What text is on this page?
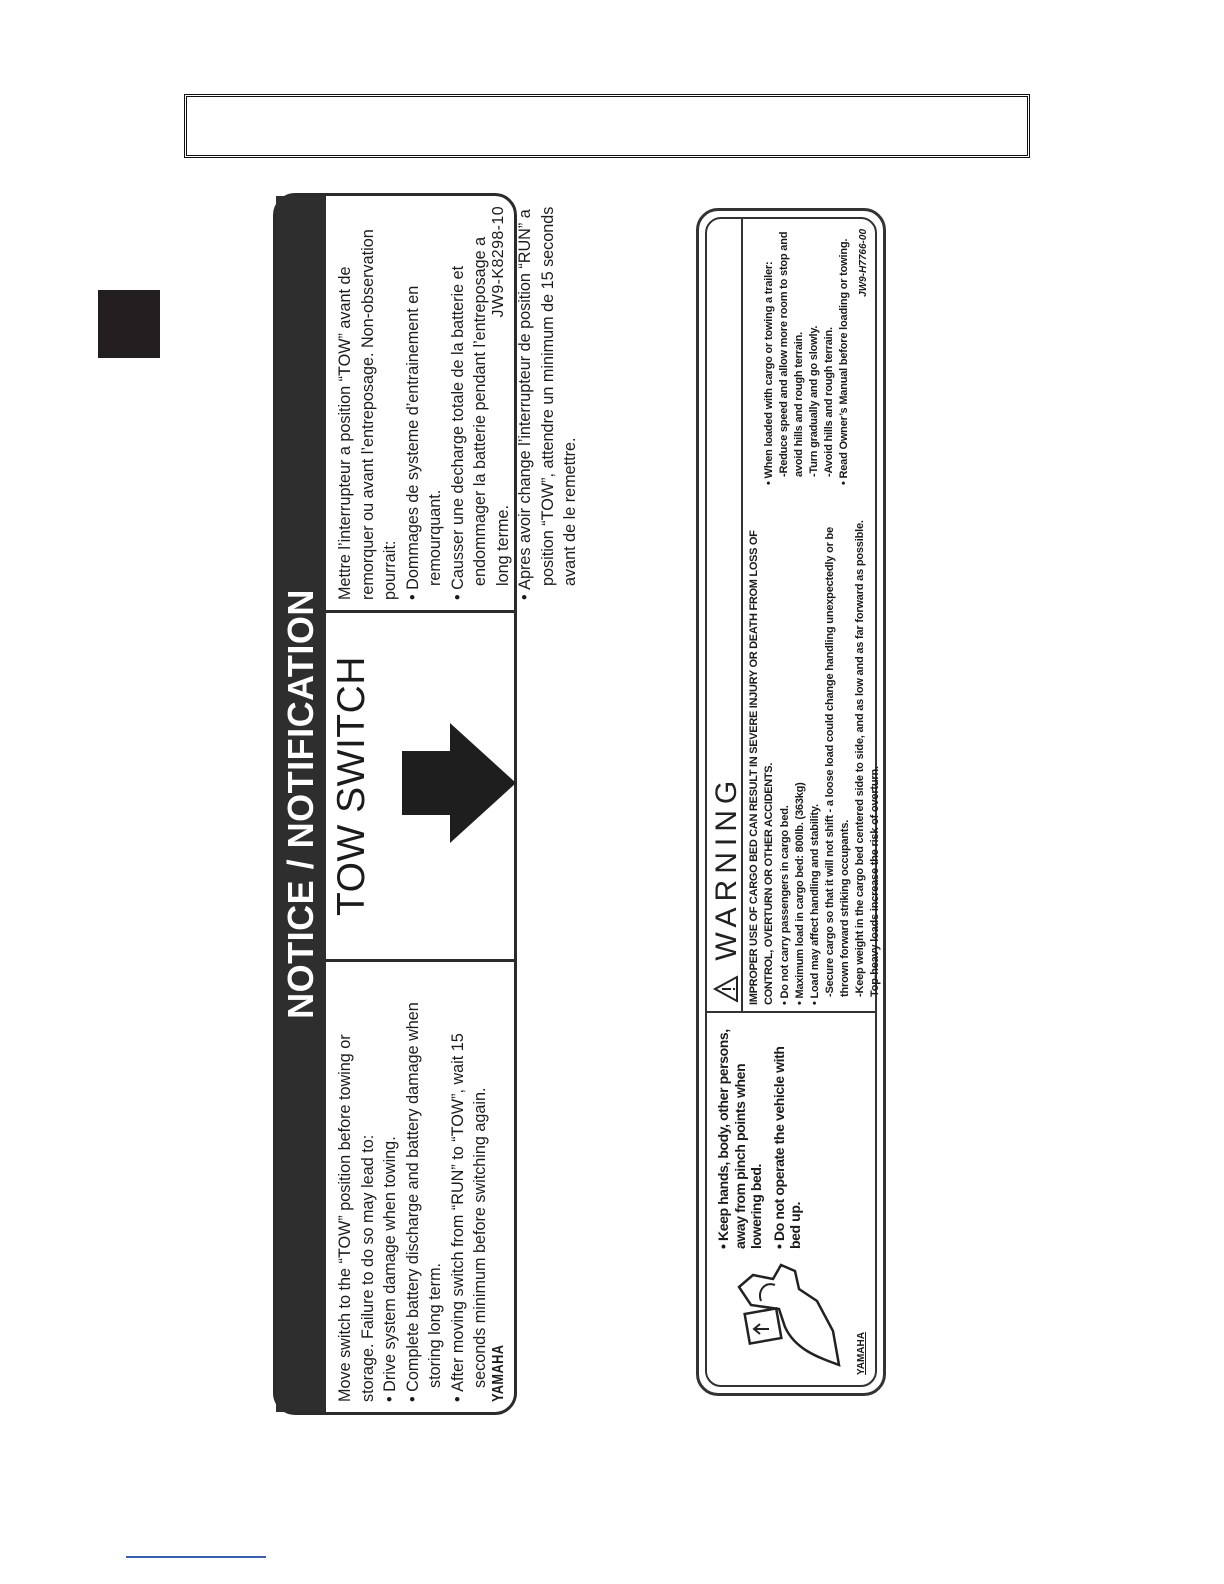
NOTICE / NOTIFICATION

Move switch to the “TOW” position before towing or storage. Failure to do so may lead to: • Drive system damage when towing. • Complete battery discharge and battery damage when storing long term. • After moving switch from “RUN” to “TOW”, wait 15 seconds minimum before switching again. YAMAHA
TOW SWITCH

Mettre l’interrupteur a position “TOW” avant de remorquer ou avant l’entreposage. Non-observation pourrait: • Dommages de systeme d’entrainement en remourquant. • Causser une decharge totale de la batterie et endommager la batterie pendant l’entreposage a long terme. • Apres avoir change l’interrupteur de position “RUN” a position “TOW”, attendre un minimum de 15 seconds avant de le remettre.

JW9-K8298-10

• Keep hands, body, other persons, away from pinch points when lowering bed. • Do not operate the vehicle with bed up.

YAMAHA
WARNING IMPROPER USE OF CARGO BED CAN RESULT IN SEVERE INJURY OR DEATH FROM LOSS OF CONTROL, OVERTURN OR OTHER ACCIDENTS. • Do not carry passengers in cargo bed. • Maximum load in cargo bed: 800lb. (363kg) • Load may affect handling and stability. -Secure cargo so that it will not shift - a loose load could change handling unexpectedly or be thrown forward striking occupants. -Keep weight in the cargo bed centered side to side, and as low and as far forward as possible. Top-heavy loads increase the risk of overturn.

• When loaded with cargo or towing a trailer: -Reduce speed and allow more room to stop and avoid hills and rough terrain. -Turn gradually and go slowly. -Avoid hills and rough terrain. • Read Owner’s Manual before loading or towing. JW9-H7766-00
